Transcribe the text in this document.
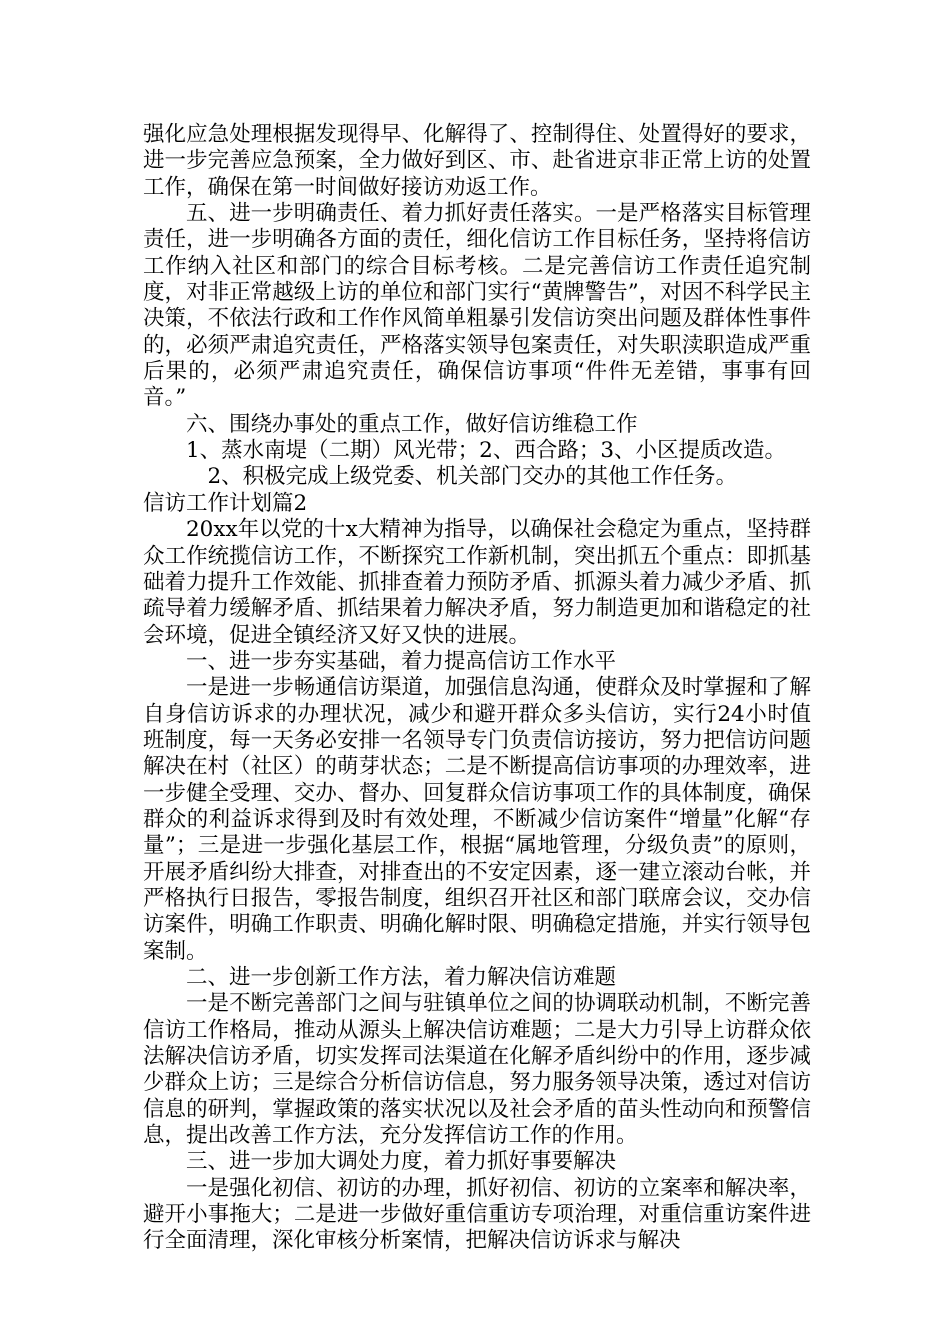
强化应急处理根据发现得早、化解得了、控制得住、处置得好的要求，进一步完善应急预案，全力做好到区、市、赴省进京非正常上访的处置工作，确保在第一时间做好接访劝返工作。

五、进一步明确责任、着力抓好责任落实。一是严格落实目标管理责任，进一步明确各方面的责任，细化信访工作目标任务，坚持将信访工作纳入社区和部门的综合目标考核。二是完善信访工作责任追究制度，对非正常越级上访的单位和部门实行“黄牌警告”，对因不科学民主决策，不依法行政和工作作风简单粗暴引发信访突出问题及群体性事件的，必须严肃追究责任，严格落实领导包案责任，对失职渎职造成严重后果的，必须严肃追究责任，确保信访事项“件件无差错，事事有回音。”

六、围绕办事处的重点工作，做好信访维稳工作

1、蒸水南堤（二期）风光带；2、西合路；3、小区提质改造。

2、积极完成上级党委、机关部门交办的其他工作任务。

信访工作计划篇2

20xx年以党的十x大精神为指导，以确保社会稳定为重点，坚持群众工作统揽信访工作，不断探究工作新机制，突出抓五个重点：即抓基础着力提升工作效能、抓排查着力预防矛盾、抓源头着力减少矛盾、抓疏导着力缓解矛盾、抓结果着力解决矛盾，努力制造更加和谐稳定的社会环境，促进全镇经济又好又快的进展。

一、进一步夯实基础，着力提高信访工作水平

一是进一步畅通信访渠道，加强信息沟通，使群众及时掌握和了解自身信访诉求的办理状况，减少和避开群众多头信访，实行24小时值班制度，每一天务必安排一名领导专门负责信访接访，努力把信访问题解决在村（社区）的萌芽状态；二是不断提高信访事项的办理效率，进一步健全受理、交办、督办、回复群众信访事项工作的具体制度，确保群众的利益诉求得到及时有效处理，不断减少信访案件“增量”化解“存量”；三是进一步强化基层工作，根据“属地管理，分级负责”的原则，开展矛盾纠纷大排查，对排查出的不安定因素，逐一建立滚动台帐，并严格执行日报告，零报告制度，组织召开社区和部门联席会议，交办信访案件，明确工作职责、明确化解时限、明确稳定措施，并实行领导包案制。

二、进一步创新工作方法，着力解决信访难题

一是不断完善部门之间与驻镇单位之间的协调联动机制，不断完善信访工作格局，推动从源头上解决信访难题；二是大力引导上访群众依法解决信访矛盾，切实发挥司法渠道在化解矛盾纠纷中的作用，逐步减少群众上访；三是综合分析信访信息，努力服务领导决策，透过对信访信息的研判，掌握政策的落实状况以及社会矛盾的苗头性动向和预警信息，提出改善工作方法，充分发挥信访工作的作用。

三、进一步加大调处力度，着力抓好事要解决

一是强化初信、初访的办理，抓好初信、初访的立案率和解决率，避开小事拖大；二是进一步做好重信重访专项治理，对重信重访案件进行全面清理，深化审核分析案情，把解决信访诉求与解决
